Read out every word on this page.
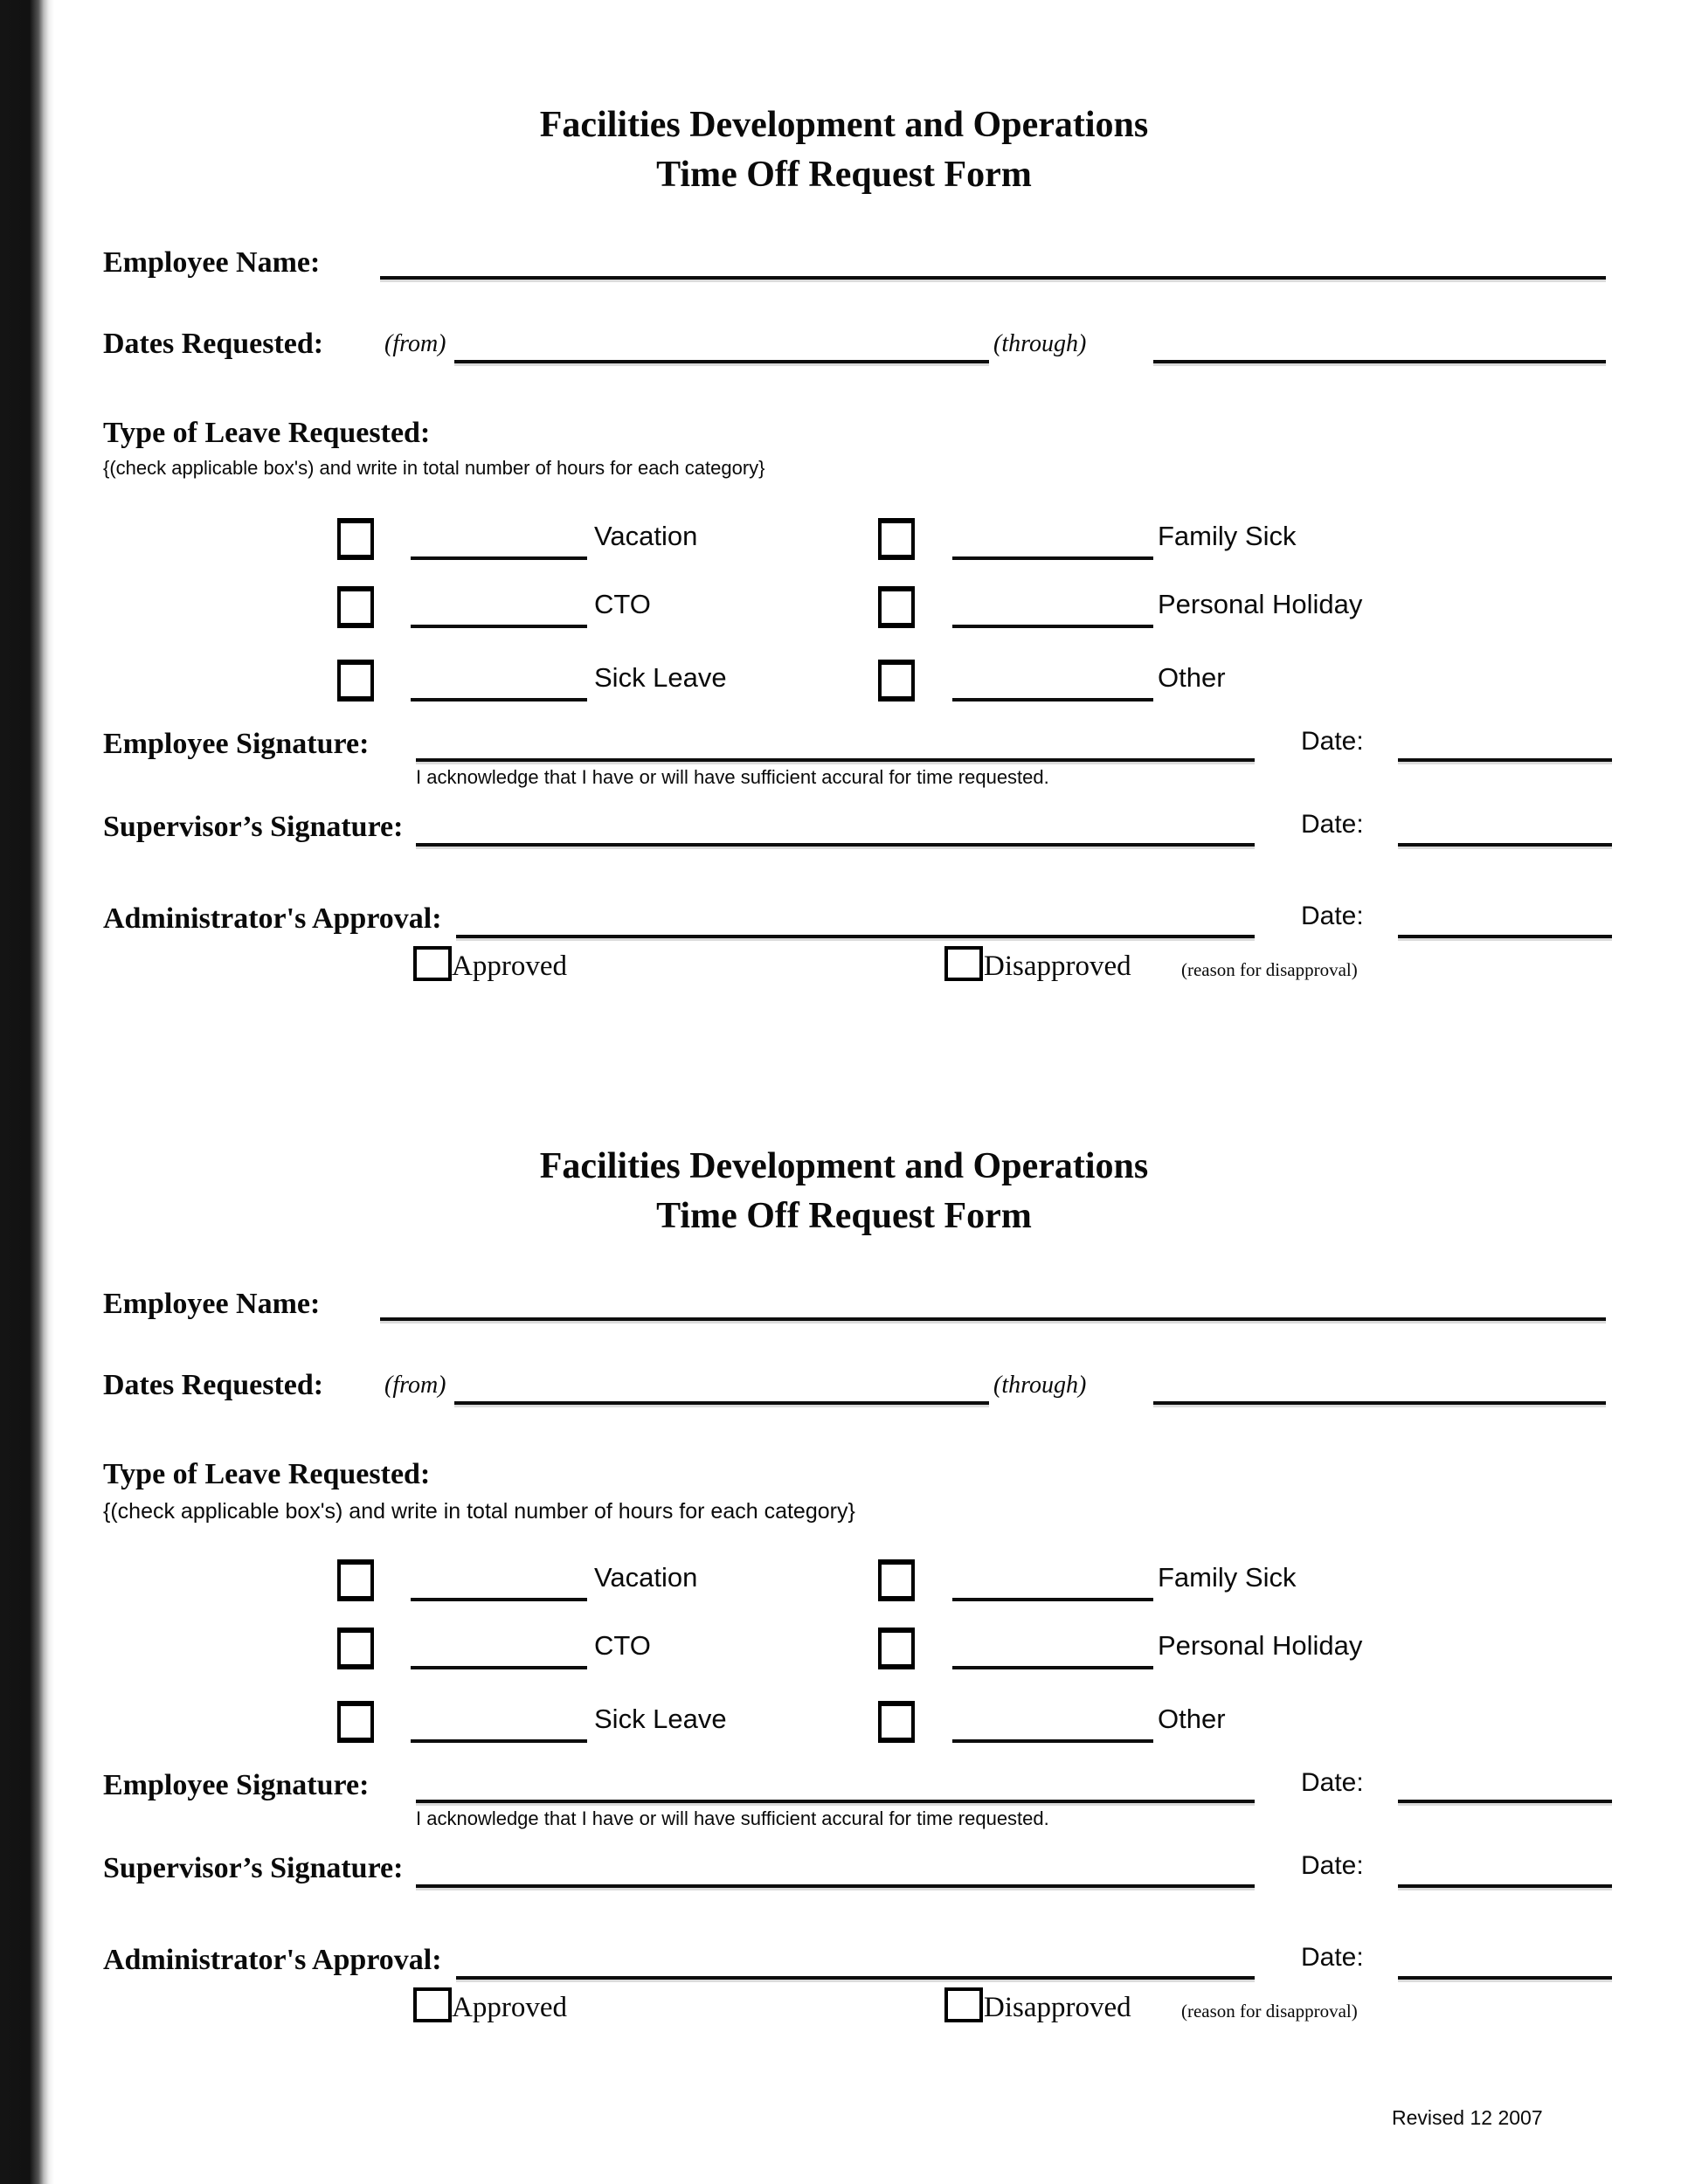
Facilities Development and Operations
Time Off Request Form
Employee Name:
Dates Requested: (from)	(through)
Type of Leave Requested:
{(check applicable box's) and write in total number of hours for each category}
Vacation	Family Sick
CTO	Personal Holiday
Sick Leave	Other
Employee Signature:	Date:
I acknowledge that I have or will have sufficient accural for time requested.
Supervisor’s Signature:	Date:
Administrator's Approval:	Date:
Approved	Disapproved	(reason for disapproval)
Facilities Development and Operations
Time Off Request Form
Employee Name:
Dates Requested: (from)	(through)
Type of Leave Requested:
{(check applicable box's) and write in total number of hours for each category}
Vacation	Family Sick
CTO	Personal Holiday
Sick Leave	Other
Employee Signature:	Date:
I acknowledge that I have or will have sufficient accural for time requested.
Supervisor’s Signature:	Date:
Administrator's Approval:	Date:
Approved	Disapproved	(reason for disapproval)
Revised 12 2007
